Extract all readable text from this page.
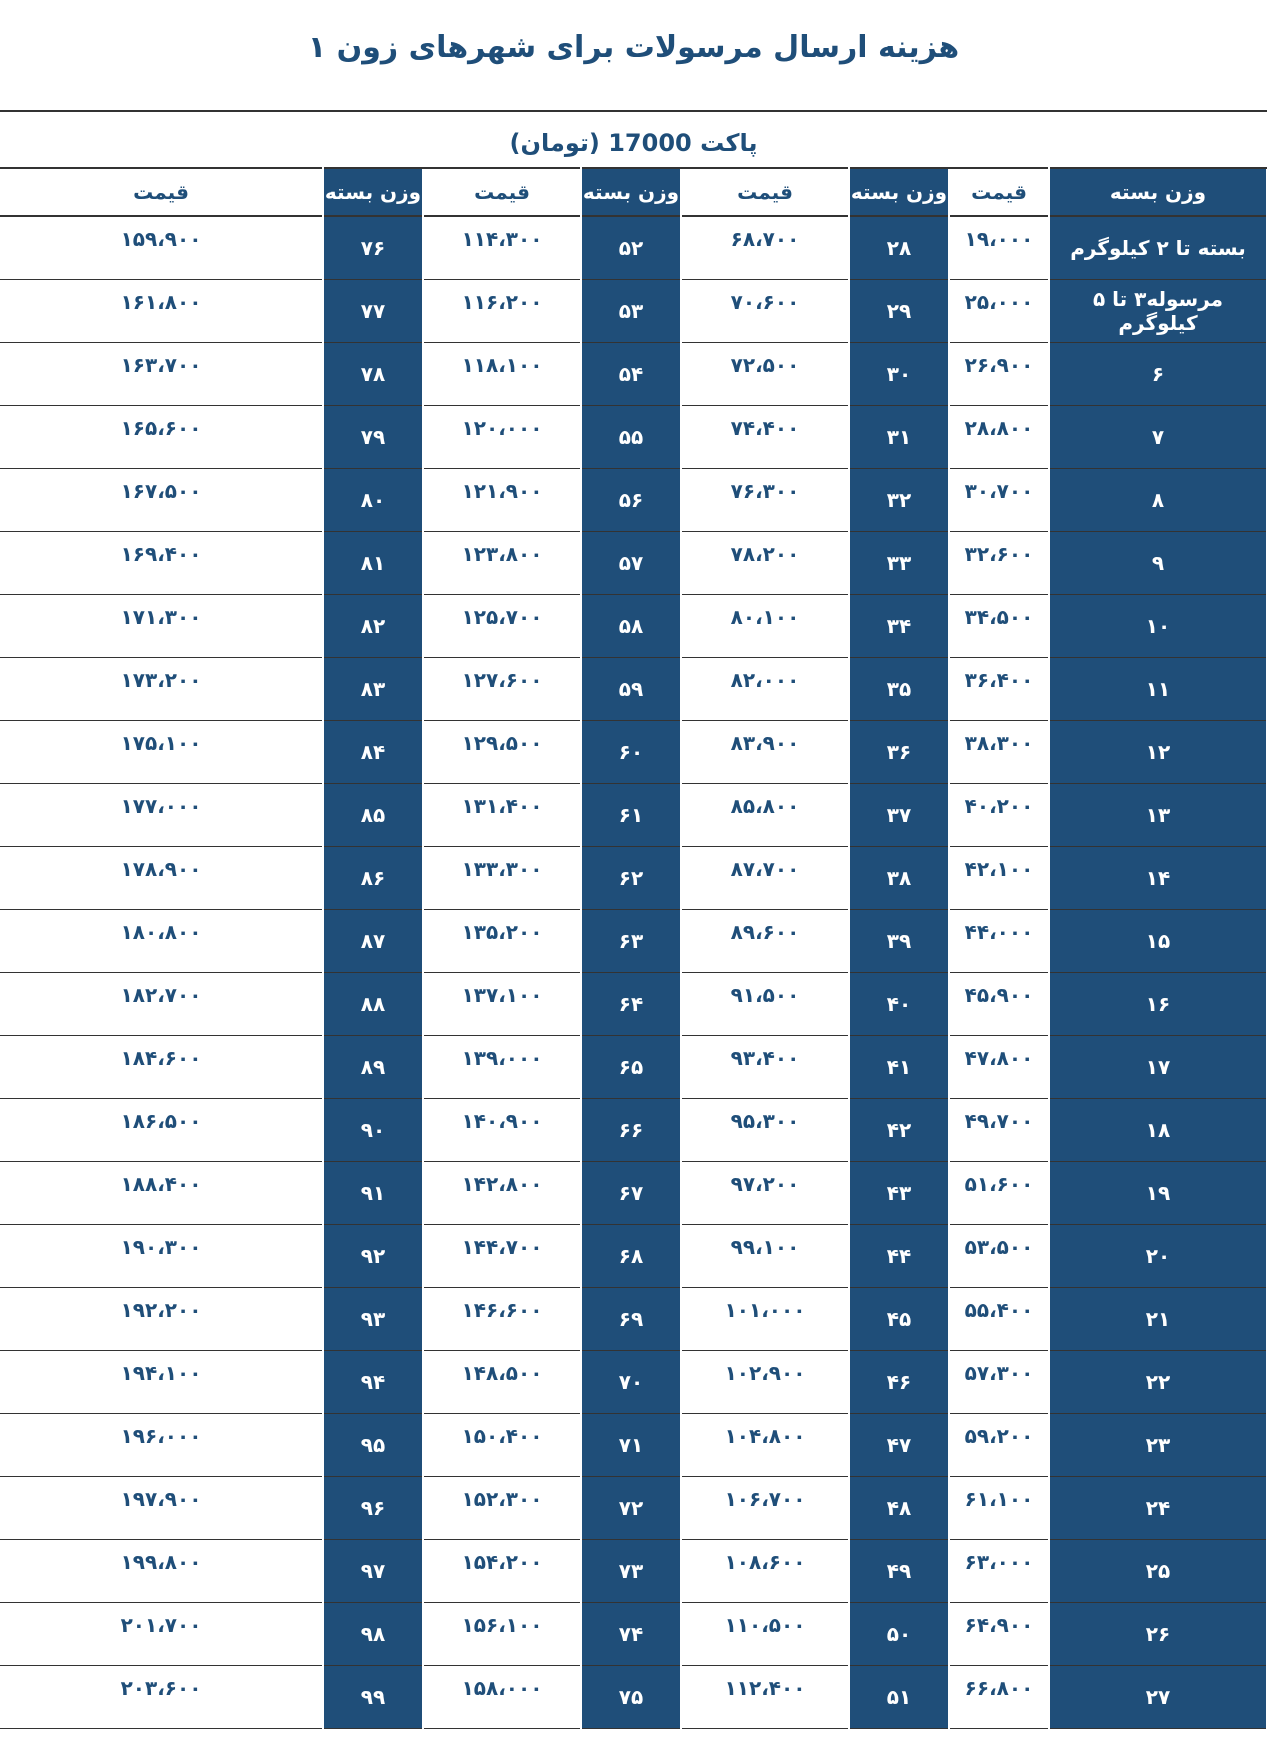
هزینه ارسال مرسولات برای شهرهای زون ۱
پاکت 17000 (تومان)
وزن بسته	قیمت	وزن بسته	قیمت	وزن بسته	قیمت	وزن بسته	قیمت
بسته تا ۲ کیلوگرم	۱۹،۰۰۰	۲۸	۶۸،۷۰۰	۵۲	۱۱۴،۳۰۰	۷۶	۱۵۹،۹۰۰
مرسوله۳ تا ۵ کیلوگرم	۲۵،۰۰۰	۲۹	۷۰،۶۰۰	۵۳	۱۱۶،۲۰۰	۷۷	۱۶۱،۸۰۰
۶	۲۶،۹۰۰	۳۰	۷۲،۵۰۰	۵۴	۱۱۸،۱۰۰	۷۸	۱۶۳،۷۰۰
۷	۲۸،۸۰۰	۳۱	۷۴،۴۰۰	۵۵	۱۲۰،۰۰۰	۷۹	۱۶۵،۶۰۰
۸	۳۰،۷۰۰	۳۲	۷۶،۳۰۰	۵۶	۱۲۱،۹۰۰	۸۰	۱۶۷،۵۰۰
۹	۳۲،۶۰۰	۳۳	۷۸،۲۰۰	۵۷	۱۲۳،۸۰۰	۸۱	۱۶۹،۴۰۰
۱۰	۳۴،۵۰۰	۳۴	۸۰،۱۰۰	۵۸	۱۲۵،۷۰۰	۸۲	۱۷۱،۳۰۰
۱۱	۳۶،۴۰۰	۳۵	۸۲،۰۰۰	۵۹	۱۲۷،۶۰۰	۸۳	۱۷۳،۲۰۰
۱۲	۳۸،۳۰۰	۳۶	۸۳،۹۰۰	۶۰	۱۲۹،۵۰۰	۸۴	۱۷۵،۱۰۰
۱۳	۴۰،۲۰۰	۳۷	۸۵،۸۰۰	۶۱	۱۳۱،۴۰۰	۸۵	۱۷۷،۰۰۰
۱۴	۴۲،۱۰۰	۳۸	۸۷،۷۰۰	۶۲	۱۳۳،۳۰۰	۸۶	۱۷۸،۹۰۰
۱۵	۴۴،۰۰۰	۳۹	۸۹،۶۰۰	۶۳	۱۳۵،۲۰۰	۸۷	۱۸۰،۸۰۰
۱۶	۴۵،۹۰۰	۴۰	۹۱،۵۰۰	۶۴	۱۳۷،۱۰۰	۸۸	۱۸۲،۷۰۰
۱۷	۴۷،۸۰۰	۴۱	۹۳،۴۰۰	۶۵	۱۳۹،۰۰۰	۸۹	۱۸۴،۶۰۰
۱۸	۴۹،۷۰۰	۴۲	۹۵،۳۰۰	۶۶	۱۴۰،۹۰۰	۹۰	۱۸۶،۵۰۰
۱۹	۵۱،۶۰۰	۴۳	۹۷،۲۰۰	۶۷	۱۴۲،۸۰۰	۹۱	۱۸۸،۴۰۰
۲۰	۵۳،۵۰۰	۴۴	۹۹،۱۰۰	۶۸	۱۴۴،۷۰۰	۹۲	۱۹۰،۳۰۰
۲۱	۵۵،۴۰۰	۴۵	۱۰۱،۰۰۰	۶۹	۱۴۶،۶۰۰	۹۳	۱۹۲،۲۰۰
۲۲	۵۷،۳۰۰	۴۶	۱۰۲،۹۰۰	۷۰	۱۴۸،۵۰۰	۹۴	۱۹۴،۱۰۰
۲۳	۵۹،۲۰۰	۴۷	۱۰۴،۸۰۰	۷۱	۱۵۰،۴۰۰	۹۵	۱۹۶،۰۰۰
۲۴	۶۱،۱۰۰	۴۸	۱۰۶،۷۰۰	۷۲	۱۵۲،۳۰۰	۹۶	۱۹۷،۹۰۰
۲۵	۶۳،۰۰۰	۴۹	۱۰۸،۶۰۰	۷۳	۱۵۴،۲۰۰	۹۷	۱۹۹،۸۰۰
۲۶	۶۴،۹۰۰	۵۰	۱۱۰،۵۰۰	۷۴	۱۵۶،۱۰۰	۹۸	۲۰۱،۷۰۰
۲۷	۶۶،۸۰۰	۵۱	۱۱۲،۴۰۰	۷۵	۱۵۸،۰۰۰	۹۹	۲۰۳،۶۰۰
